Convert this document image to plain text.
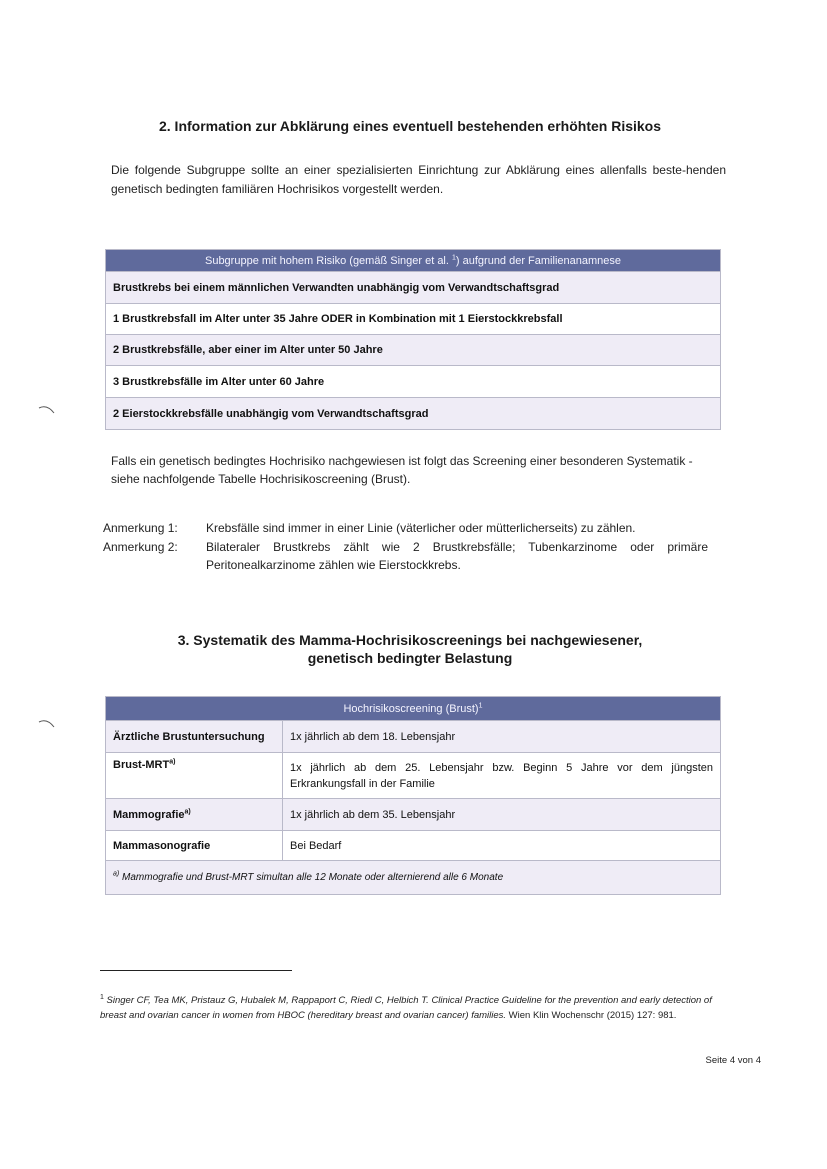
2. Information zur Abklärung eines eventuell bestehenden erhöhten Risikos
Die folgende Subgruppe sollte an einer spezialisierten Einrichtung zur Abklärung eines allenfalls beste-henden genetisch bedingten familiären Hochrisikos vorgestellt werden.
Subgruppe mit hohem Risiko (gemäß Singer et al. $^1$) aufgrund der Familienanamnese
Brustkrebs bei einem männlichen Verwandten unabhängig vom Verwandtschaftsgrad
1 Brustkrebsfall im Alter unter 35 Jahre ODER in Kombination mit 1 Eierstockkrebsfall
2 Brustkrebsfälle, aber einer im Alter unter 50 Jahre
3 Brustkrebsfälle im Alter unter 60 Jahre
2 Eierstockkrebsfälle unabhängig vom Verwandtschaftsgrad
Falls ein genetisch bedingtes Hochrisiko nachgewiesen ist folgt das Screening einer besonderen Systematik - siehe nachfolgende Tabelle Hochrisikoscreening (Brust).
Anmerkung 1: Krebsfälle sind immer in einer Linie (väterlicher oder mütterlicherseits) zu zählen.
Anmerkung 2: Bilateraler Brustkrebs zählt wie 2 Brustkrebsfälle; Tubenkarzinome oder primäre Peritonealkarzinome zählen wie Eierstockkrebs.
3. Systematik des Mamma-Hochrisikoscreenings bei nachgewiesener,
genetisch bedingter Belastung
Hochrisikoscreening (Brust)$^1$
Ärztliche Brustuntersuchung	1x jährlich ab dem 18. Lebensjahr
Brust-MRT$^{a)}$	1x jährlich ab dem 25. Lebensjahr bzw. Beginn 5 Jahre vor dem jüngsten Erkrankungsfall in der Familie
Mammografie$^{a)}$	1x jährlich ab dem 35. Lebensjahr
Mammasonografie	Bei Bedarf
$^{a)}$ Mammografie und Brust-MRT simultan alle 12 Monate oder alternierend alle 6 Monate	
$^1$ Singer CF, Tea MK, Pristauz G, Hubalek M, Rappaport C, Riedl C, Helbich T. Clinical Practice Guideline for the prevention and early detection of breast and ovarian cancer in women from HBOC (hereditary breast and ovarian cancer) families. Wien Klin Wochenschr (2015) 127: 981.
Seite 4 von 4
